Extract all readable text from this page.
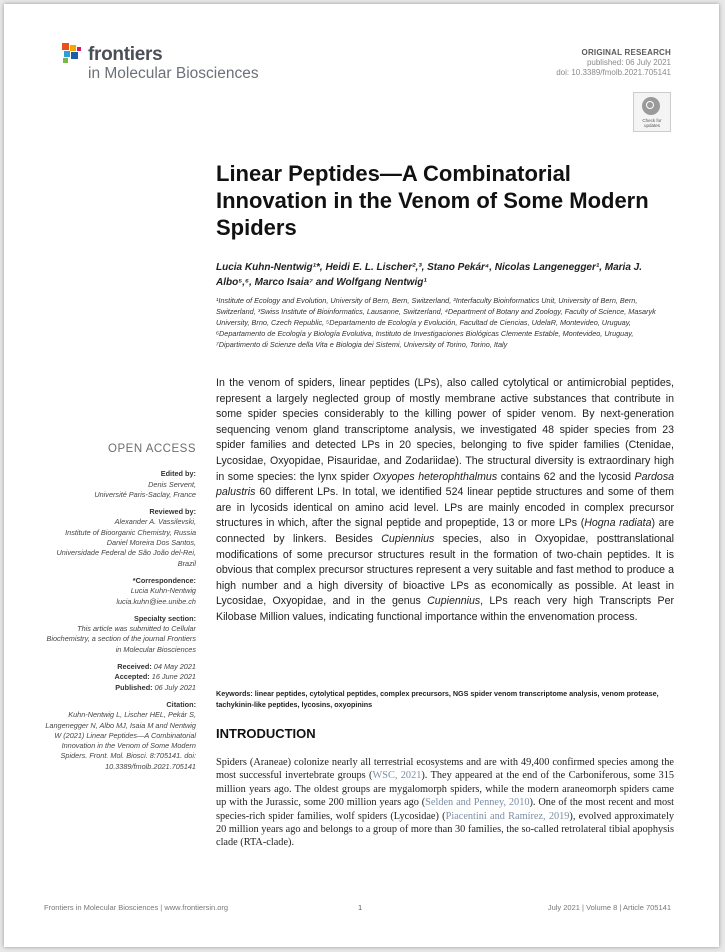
frontiers
in Molecular Biosciences
ORIGINAL RESEARCH
published: 06 July 2021
doi: 10.3389/fmolb.2021.705141
Check for updates
Linear Peptides—A Combinatorial Innovation in the Venom of Some Modern Spiders
Lucia Kuhn-Nentwig¹*, Heidi E. L. Lischer²,³, Stano Pekár⁴, Nicolas Langenegger¹, Maria J. Albo⁵,⁶, Marco Isaia⁷ and Wolfgang Nentwig¹
¹Institute of Ecology and Evolution, University of Bern, Bern, Switzerland, ²Interfaculty Bioinformatics Unit, University of Bern, Bern, Switzerland, ³Swiss Institute of Bioinformatics, Lausanne, Switzerland, ⁴Department of Botany and Zoology, Faculty of Science, Masaryk University, Brno, Czech Republic, ⁵Departamento de Ecología y Evolución, Facultad de Ciencias, UdelaR, Montevideo, Uruguay, ⁶Departamento de Ecología y Biología Evolutiva, Instituto de Investigaciones Biológicas Clemente Estable, Montevideo, Uruguay, ⁷Dipartimento di Scienze della Vita e Biologia dei Sistemi, University of Torino, Torino, Italy
In the venom of spiders, linear peptides (LPs), also called cytolytical or antimicrobial peptides, represent a largely neglected group of mostly membrane active substances that contribute in some spider species considerably to the killing power of spider venom. By next-generation sequencing venom gland transcriptome analysis, we investigated 48 spider species from 23 spider families and detected LPs in 20 species, belonging to five spider families (Ctenidae, Lycosidae, Oxyopidae, Pisauridae, and Zodariidae). The structural diversity is extraordinary high in some species: the lynx spider Oxyopes heterophthalmus contains 62 and the lycosid Pardosa palustris 60 different LPs. In total, we identified 524 linear peptide structures and some of them are in lycosids identical on amino acid level. LPs are mainly encoded in complex precursor structures in which, after the signal peptide and propeptide, 13 or more LPs (Hogna radiata) are connected by linkers. Besides Cupiennius species, also in Oxyopidae, posttranslational modifications of some precursor structures result in the formation of two-chain peptides. It is obvious that complex precursor structures represent a very suitable and fast method to produce a high number and a high diversity of bioactive LPs as economically as possible. At least in Lycosidae, Oxyopidae, and in the genus Cupiennius, LPs reach very high Transcripts Per Kilobase Million values, indicating functional importance within the envenomation process.
Keywords: linear peptides, cytolytical peptides, complex precursors, NGS spider venom transcriptome analysis, venom protease, tachykinin-like peptides, lycosins, oxyopinins
INTRODUCTION
Spiders (Araneae) colonize nearly all terrestrial ecosystems and are with 49,400 confirmed species among the most successful invertebrate groups (WSC, 2021). They appeared at the end of the Carboniferous, some 315 million years ago. The oldest groups are mygalomorph spiders, while the modern araneomorph spiders came up with the Jurassic, some 200 million years ago (Selden and Penney, 2010). One of the most recent and most species-rich spider families, wolf spiders (Lycosidae) (Piacentini and Ramírez, 2019), evolved approximately 20 million years ago and belongs to a group of more than 30 families, the so-called retrolateral tibial apophysis clade (RTA-clade).
OPEN ACCESS
Edited by:
Denis Servent,
Université Paris-Saclay, France
Reviewed by:
Alexander A. Vassilevski,
Institute of Bioorganic Chemistry, Russia
Daniel Moreira Dos Santos,
Universidade Federal de São João del-Rei, Brazil
*Correspondence:
Lucia Kuhn-Nentwig
lucia.kuhn@iee.unibe.ch
Specialty section:
This article was submitted to Cellular Biochemistry, a section of the journal Frontiers in Molecular Biosciences
Received: 04 May 2021
Accepted: 16 June 2021
Published: 06 July 2021
Citation:
Kuhn-Nentwig L, Lischer HEL, Pekár S, Langenegger N, Albo MJ, Isaia M and Nentwig W (2021) Linear Peptides—A Combinatorial Innovation in the Venom of Some Modern Spiders. Front. Mol. Biosci. 8:705141. doi: 10.3389/fmolb.2021.705141
Frontiers in Molecular Biosciences | www.frontiersin.org	1	July 2021 | Volume 8 | Article 705141
